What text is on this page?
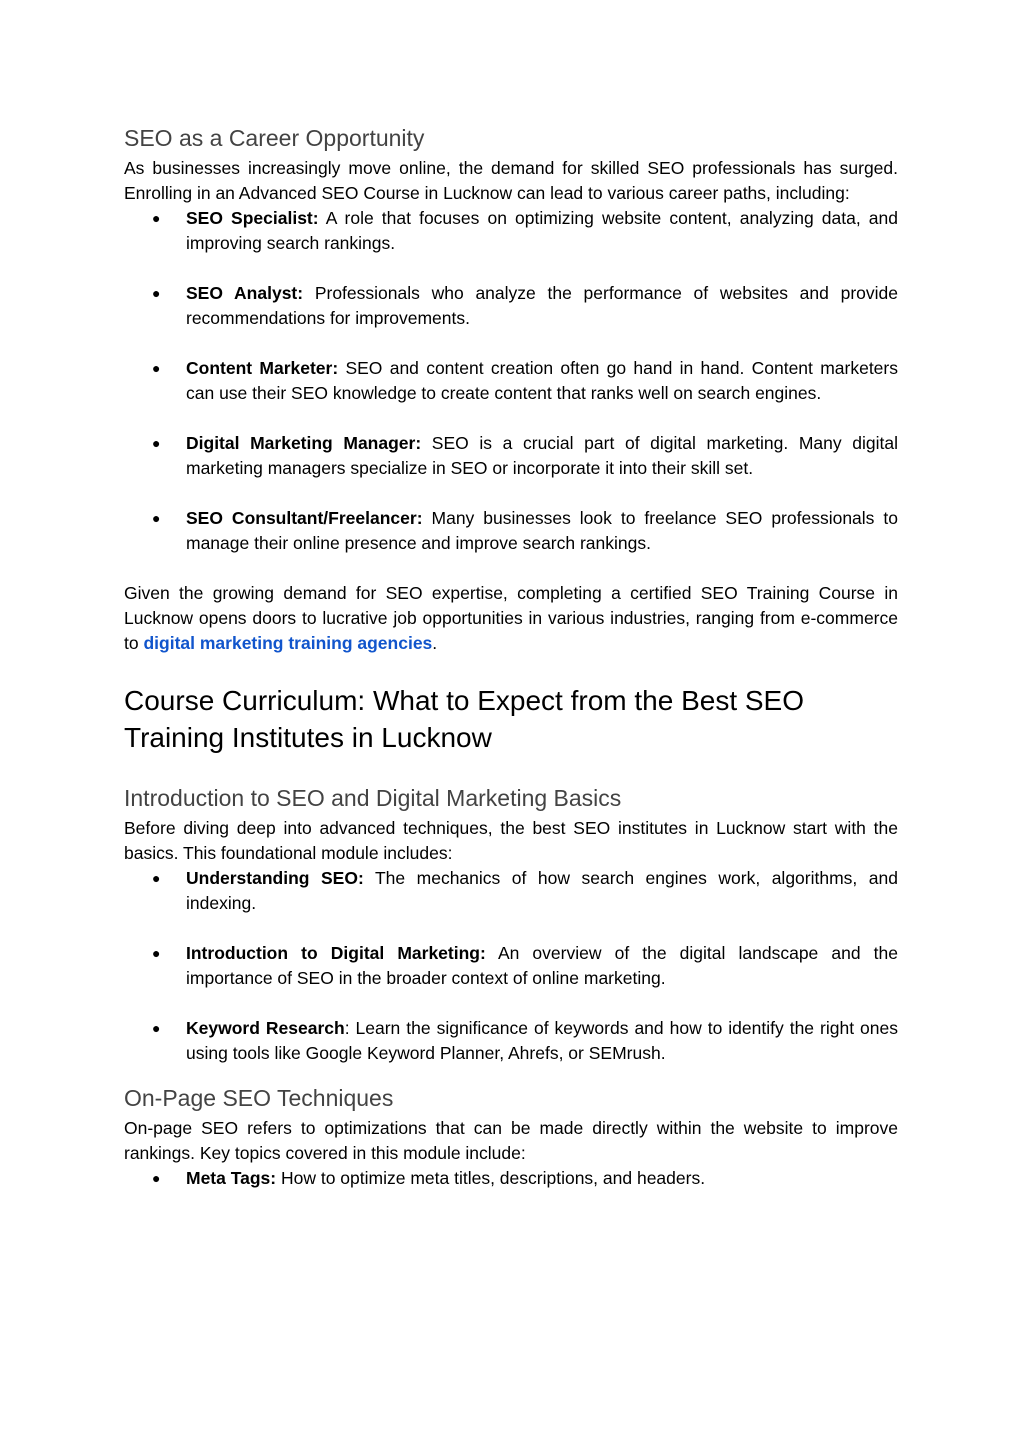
SEO as a Career Opportunity

As businesses increasingly move online, the demand for skilled SEO professionals has surged. Enrolling in an Advanced SEO Course in Lucknow can lead to various career paths, including:

● SEO Specialist: A role that focuses on optimizing website content, analyzing data, and improving search rankings.
● SEO Analyst: Professionals who analyze the performance of websites and provide recommendations for improvements.
● Content Marketer: SEO and content creation often go hand in hand. Content marketers can use their SEO knowledge to create content that ranks well on search engines.
● Digital Marketing Manager: SEO is a crucial part of digital marketing. Many digital marketing managers specialize in SEO or incorporate it into their skill set.
● SEO Consultant/Freelancer: Many businesses look to freelance SEO professionals to manage their online presence and improve search rankings.

Given the growing demand for SEO expertise, completing a certified SEO Training Course in Lucknow opens doors to lucrative job opportunities in various industries, ranging from e-commerce to digital marketing training agencies.

Course Curriculum: What to Expect from the Best SEO Training Institutes in Lucknow
Introduction to SEO and Digital Marketing Basics

Before diving deep into advanced techniques, the best SEO institutes in Lucknow start with the basics. This foundational module includes:

● Understanding SEO: The mechanics of how search engines work, algorithms, and indexing.
● Introduction to Digital Marketing: An overview of the digital landscape and the importance of SEO in the broader context of online marketing.
● Keyword Research: Learn the significance of keywords and how to identify the right ones using tools like Google Keyword Planner, Ahrefs, or SEMrush.
On-Page SEO Techniques

On-page SEO refers to optimizations that can be made directly within the website to improve rankings. Key topics covered in this module include:

● Meta Tags: How to optimize meta titles, descriptions, and headers.
